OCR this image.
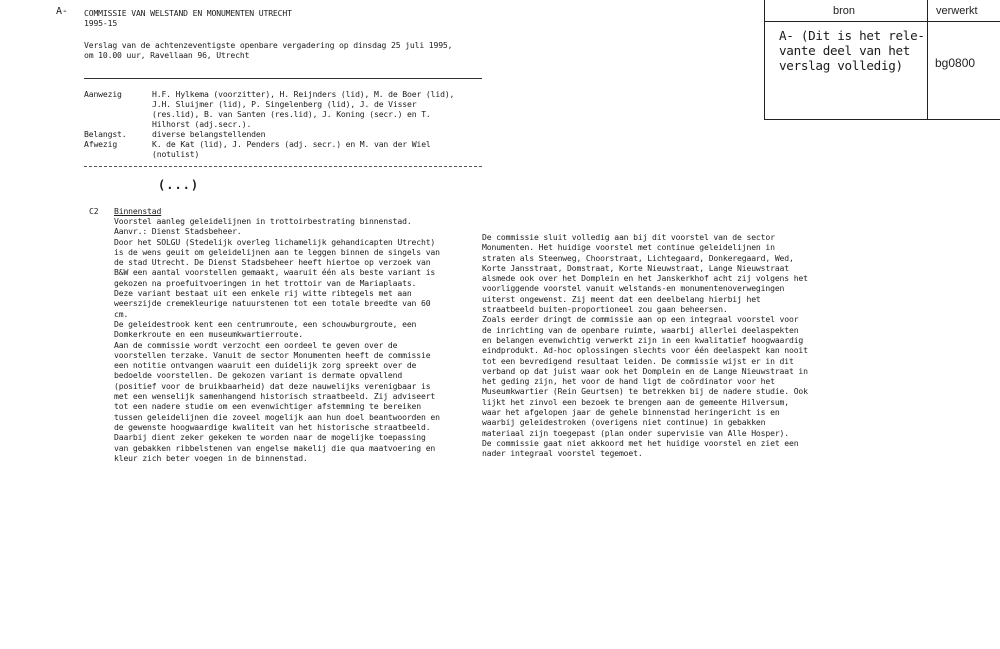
A- COMMISSIE VAN WELSTAND EN MONUMENTEN UTRECHT
1995-15
Verslag van de achtenzeventigste openbare vergadering op dinsdag 25 juli 1995,
om 10.00 uur, Ravellaan 96, Utrecht
Aanwezig	H.F. Hylkema (voorzitter), H. Reijnders (lid), M. de Boer (lid),
J.H. Sluijmer (lid), P. Singelenberg (lid), J. de Visser
(res.lid), B. van Santen (res.lid), J. Koning (secr.) en T.
Hilhorst (adj.secr.).
Belangst.	diverse belangstellenden
Afwezig	K. de Kat (lid), J. Penders (adj. secr.) en M. van der Wiel
(notulist)
(...)
C2 Binnenstad
Voorstel aanleg geleidelijnen in trottoirbestrating binnenstad.
Aanvr.: Dienst Stadsbeheer.
Door het SOLGU (Stedelijk overleg lichamelijk gehandicapten Utrecht)
is de wens geuit om geleidelijnen aan te leggen binnen de singels van
de stad Utrecht. De Dienst Stadsbeheer heeft hiertoe op verzoek van
B&W een aantal voorstellen gemaakt, waaruit één als beste variant is
gekozen na proefuitvoeringen in het trottoir van de Mariaplaats.
Deze variant bestaat uit een enkele rij witte ribtegels met aan
weerszijde cremekleurige natuurstenen tot een totale breedte van 60
cm.
De geleidestrook kent een centrumroute, een schouwburgroute, een
Domkerkroute en een museumkwartierroute.
Aan de commissie wordt verzocht een oordeel te geven over de
voorstellen terzake. Vanuit de sector Monumenten heeft de commissie
een notitie ontvangen waaruit een duidelijk zorg spreekt over de
bedoelde voorstellen. De gekozen variant is dermate opvallend
(positief voor de bruikbaarheid) dat deze nauwelijks verenigbaar is
met een wenselijk samenhangend historisch straatbeeld. Zij adviseert
tot een nadere studie om een evenwichtiger afstemming te bereiken
tussen geleidelijnen die zoveel mogelijk aan hun doel beantwoorden en
de gewenste hoogwaardige kwaliteit van het historische straatbeeld.
Daarbij dient zeker gekeken te worden naar de mogelijke toepassing
van gebakken ribbelstenen van engelse makelij die qua maatvoering en
kleur zich beter voegen in de binnenstad.
De commissie sluit volledig aan bij dit voorstel van de sector
Monumenten. Het huidige voorstel met continue geleidelijnen in
straten als Steenweg, Choorstraat, Lichtegaard, Donkeregaard, Wed,
Korte Jansstraat, Domstraat, Korte Nieuwstraat, Lange Nieuwstraat
alsmede ook over het Domplein en het Janskerkhof acht zij volgens het
voorliggende voorstel vanuit welstands-en monumentenoverwegingen
uiterst ongewenst. Zij meent dat een deelbelang hierbij het
straatbeeld buiten-proportioneel zou gaan beheersen.
Zoals eerder dringt de commissie aan op een integraal voorstel voor
de inrichting van de openbare ruimte, waarbij allerlei deelaspekten
en belangen evenwichtig verwerkt zijn in een kwalitatief hoogwaardig
eindprodukt. Ad-hoc oplossingen slechts voor één deelaspekt kan nooit
tot een bevredigend resultaat leiden. De commissie wijst er in dit
verband op dat juist waar ook het Domplein en de Lange Nieuwstraat in
het geding zijn, het voor de hand ligt de coördinator voor het
Museumkwartier (Rein Geurtsen) te betrekken bij de nadere studie. Ook
lijkt het zinvol een bezoek te brengen aan de gemeente Hilversum,
waar het afgelopen jaar de gehele binnenstad heringericht is en
waarbij geleidestroken (overigens niet continue) in gebakken
materiaal zijn toegepast (plan onder supervisie van Alle Hosper).
De commissie gaat niet akkoord met het huidige voorstel en ziet een
nader integraal voorstel tegemoet.
bron	verwerkt
A- (Dit is het rele-
vante deel van het
verslag volledig)	bg0800
